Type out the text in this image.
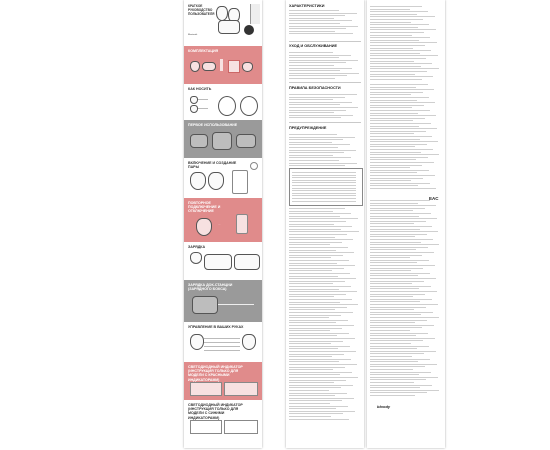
КРАТКОЕ РУКОВОДСТВО ПОЛЬЗОВАТЕЛЯ
Bluetooth
КОМПЛЕКТАЦИЯ
КАК НОСИТЬ
ПЕРВОЕ ИСПОЛЬЗОВАНИЕ
ВКЛЮЧЕНИЕ И СОЗДАНИЕ ПАРЫ
ПОВТОРНОЕ ПОДКЛЮЧЕНИЕ И ОТКЛЮЧЕНИЕ
···
ЗАРЯДКА
ЗАРЯДКА ДОК-СТАНЦИИ (ЗАРЯДНОГО БОКСА)
УПРАВЛЕНИЕ В ВАШИХ РУКАХ
СВЕТОДИОДНЫЙ ИНДИКАТОР (ИНСТРУКЦИЯ ТОЛЬКО ДЛЯ МОДЕЛИ С КРАСНЫМИ ИНДИКАТОРАМИ)
СВЕТОДИОДНЫЙ ИНДИКАТОР (ИНСТРУКЦИЯ ТОЛЬКО ДЛЯ МОДЕЛИ С СИНИМИ ИНДИКАТОРАМИ)
ХАРАКТЕРИСТИКИ
УХОД И ОБСЛУЖИВАНИЕ
ПРАВИЛА БЕЗОПАСНОСТИ
ПРЕДУПРЕЖДЕНИЕ
EAC
bloody
